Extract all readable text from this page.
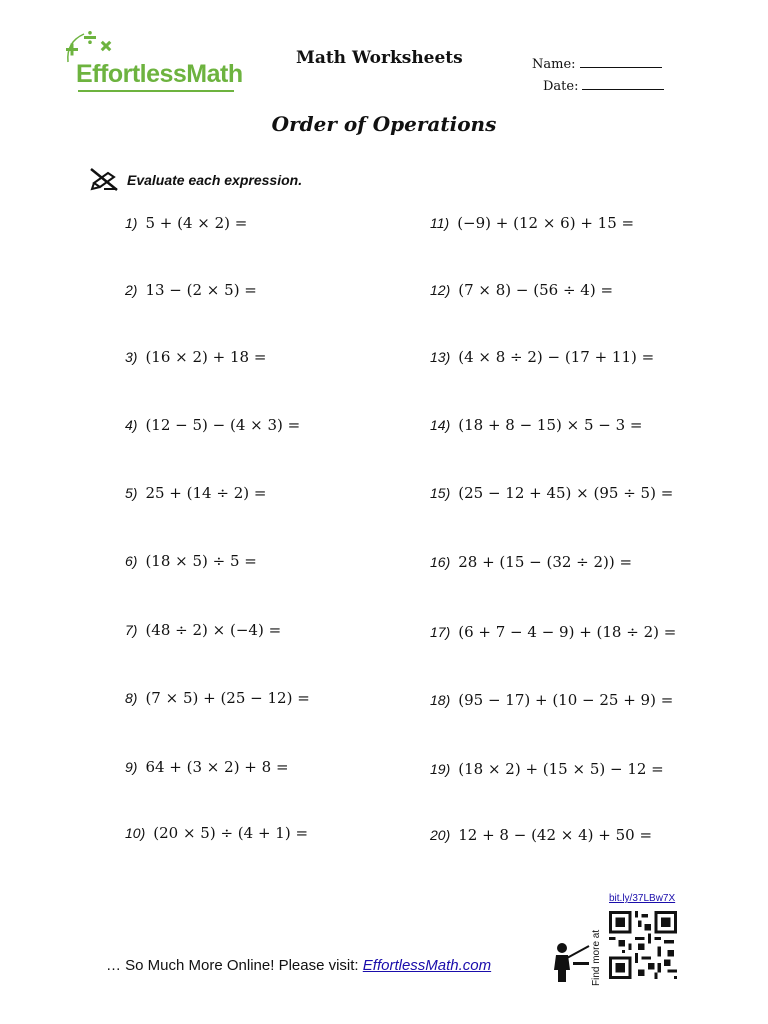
EffortlessMath
Math Worksheets	Name:
Date:
Order of Operations
Evaluate each expression.
1) 5 + (4 × 2) =
2) 13 − (2 × 5) =
3) (16 × 2) + 18 =
4) (12 − 5) − (4 × 3) =
5) 25 + (14 ÷ 2) =
6) (18 × 5) ÷ 5 =
7) (48 ÷ 2) × (−4) =
8) (7 × 5) + (25 − 12) =
9) 64 + (3 × 2) + 8 =
10) (20 × 5) ÷ (4 + 1) =
11) (−9) + (12 × 6) + 15 =
12) (7 × 8) − (56 ÷ 4) =
13) (4 × 8 ÷ 2) − (17 + 11) =
14) (18 + 8 − 15) × 5 − 3 =
15) (25 − 12 + 45) × (95 ÷ 5) =
16) 28 + (15 − (32 ÷ 2)) =
17) (6 + 7 − 4 − 9) + (18 ÷ 2) =
18) (95 − 17) + (10 − 25 + 9) =
19) (18 × 2) + (15 × 5) − 12 =
20) 12 + 8 − (42 × 4) + 50 =
… So Much More Online! Please visit: EffortlessMath.com
bit.ly/37LBw7X
Find more at
